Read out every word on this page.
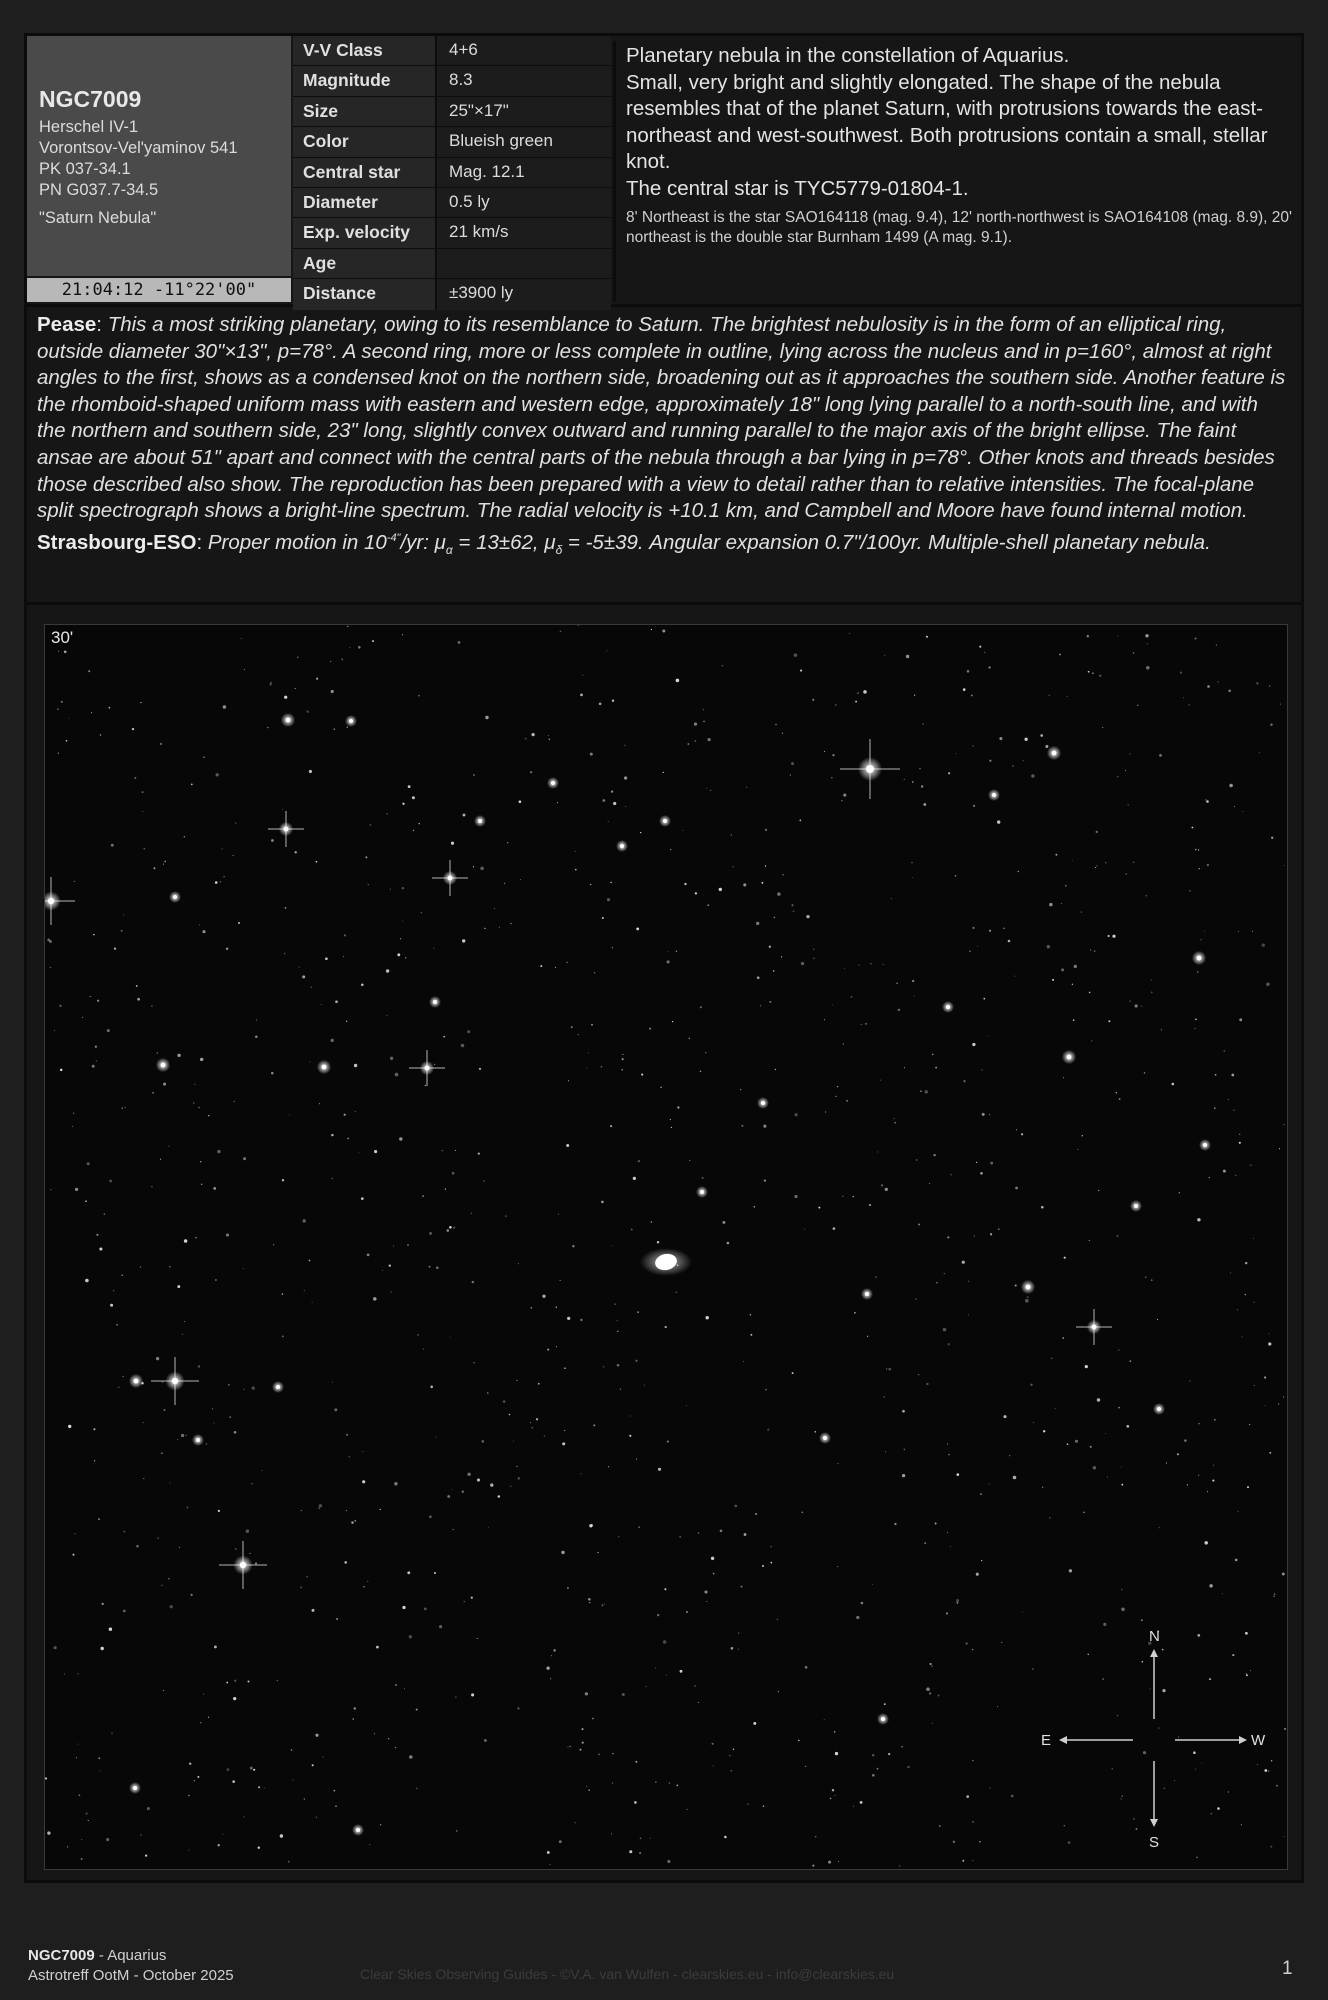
NGC7009
Herschel IV-1
Vorontsov-Vel'yaminov 541
PK 037-34.1
PN G037.7-34.5
"Saturn Nebula"
21:04:12 -11°22'00"
V-V Class	4+6
Magnitude	8.3
Size	25"×17"
Color	Blueish green
Central star	Mag. 12.1
Diameter	0.5 ly
Exp. velocity	21 km/s
Age
Distance	±3900 ly

Planetary nebula in the constellation of Aquarius.

Small, very bright and slightly elongated. The shape of the nebula resembles that of the planet Saturn, with protrusions towards the east-northeast and west-southwest. Both protrusions contain a small, stellar knot.

The central star is TYC5779-01804-1.

8' Northeast is the star SAO164118 (mag. 9.4), 12' north-northwest is SAO164108 (mag. 8.9), 20' northeast is the double star Burnham 1499 (A mag. 9.1).

Pease: This a most striking planetary, owing to its resemblance to Saturn. The brightest nebulosity is in the form of an elliptical ring, outside diameter 30"×13", p=78°. A second ring, more or less complete in outline, lying across the nucleus and in p=160°, almost at right angles to the first, shows as a condensed knot on the northern side, broadening out as it approaches the southern side. Another feature is the rhomboid-shaped uniform mass with eastern and western edge, approximately 18" long lying parallel to a north-south line, and with the northern and southern side, 23" long, slightly convex outward and running parallel to the major axis of the bright ellipse. The faint ansae are about 51" apart and connect with the central parts of the nebula through a bar lying in p=78°. Other knots and threads besides those described also show. The reproduction has been prepared with a view to detail rather than to relative intensities. The focal-plane split spectrograph shows a bright-line spectrum. The radial velocity is +10.1 km, and Campbell and Moore have found internal motion.
Strasbourg-ESO: Proper motion in $10^{-4"}/yr$: $\mu_\alpha = 13\pm 62$, $\mu_\delta = -5\pm 39$. Angular expansion 0.7"/100yr. Multiple-shell planetary nebula.
N
S
E	W
30'
NGC7009 - Aquarius
Astrotreff OotM - October 2025	Clear Skies Observing Guides - ©V.A. van Wulfen - clearskies.eu - info@clearskies.eu	1
